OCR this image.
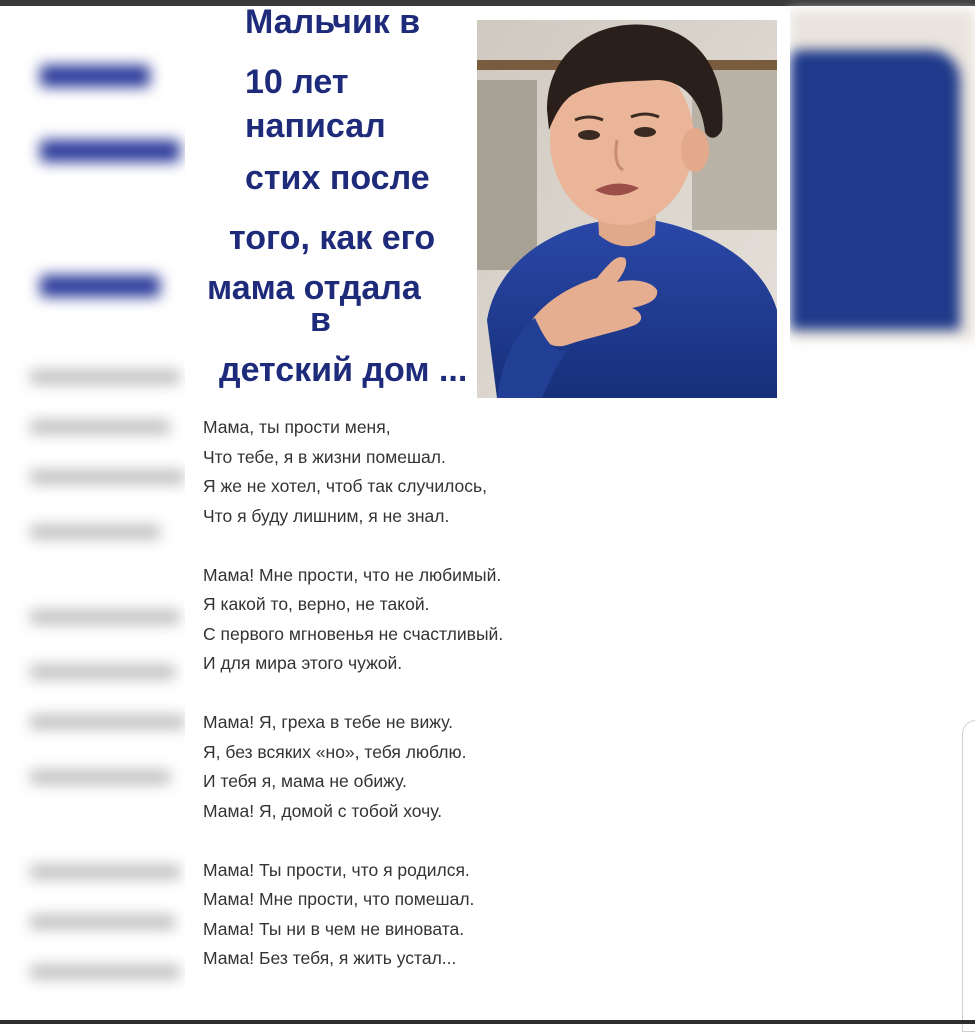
Мальчик в
10 лет
написал
стих после
того, как его
мама отдала
в
детский дом ...
Мама, ты прости меня,
Что тебе, я в жизни помешал.
Я же не хотел, чтоб так случилось,
Что я буду лишним, я не знал.
Мама! Мне прости, что не любимый.
Я какой то, верно, не такой.
С первого мгновенья не счастливый.
И для мира этого чужой.
Мама! Я, греха в тебе не вижу.
Я, без всяких «но», тебя люблю.
И тебя я, мама не обижу.
Мама! Я, домой с тобой хочу.
Мама! Ты прости, что я родился.
Мама! Мне прости, что помешал.
Мама! Ты ни в чем не виновата.
Мама! Без тебя, я жить устал...
